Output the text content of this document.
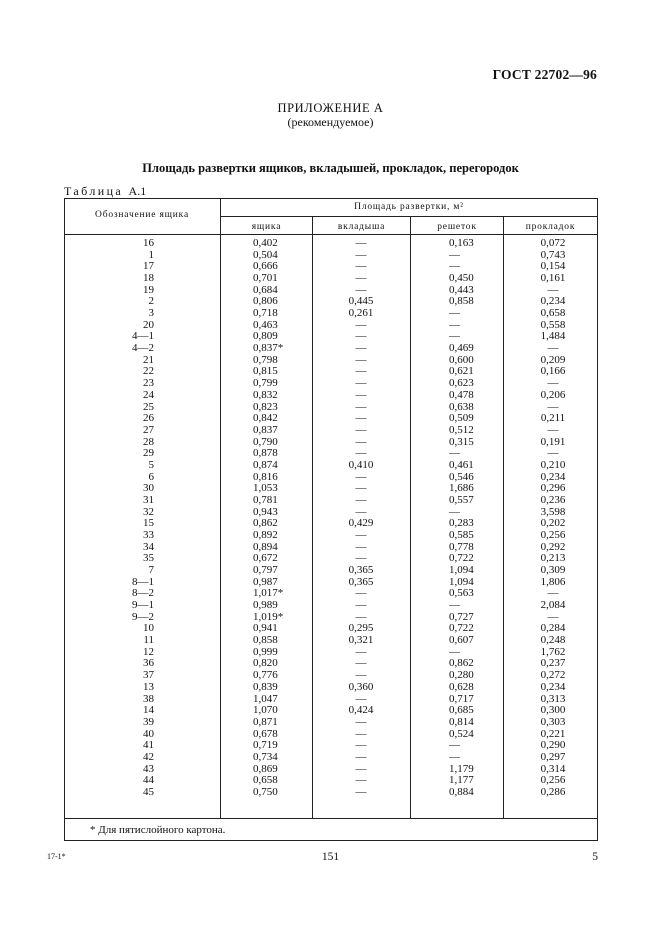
ГОСТ 22702—96
ПРИЛОЖЕНИЕ А
(рекомендуемое)
Площадь развертки ящиков, вкладышей, прокладок, перегородок
Таблица А.1
Обозначение ящика
Площадь развертки, м²
ящика	вкладыша	решеток	прокладок
16	0,402	—	0,163	0,072
1	0,504	—	—	0,743
17	0,666	—	—	0,154
18	0,701	—	0,450	0,161
19	0,684	—	0,443	—
2	0,806	0,445	0,858	0,234
3	0,718	0,261	—	0,658
20	0,463	—	—	0,558
4—1	0,809	—	—	1,484
4—2	0,837*	—	0,469	—
21	0,798	—	0,600	0,209
22	0,815	—	0,621	0,166
23	0,799	—	0,623	—
24	0,832	—	0,478	0,206
25	0,823	—	0,638	—
26	0,842	—	0,509	0,211
27	0,837	—	0,512	—
28	0,790	—	0,315	0,191
29	0,878	—	—	—
5	0,874	0,410	0,461	0,210
6	0,816	—	0,546	0,234
30	1,053	—	1,686	0,296
31	0,781	—	0,557	0,236
32	0,943	—	—	3,598
15	0,862	0,429	0,283	0,202
33	0,892	—	0,585	0,256
34	0,894	—	0,778	0,292
35	0,672	—	0,722	0,213
7	0,797	0,365	1,094	0,309
8—1	0,987	0,365	1,094	1,806
8—2	1,017*	—	0,563	—
9—1	0,989	—	—	2,084
9—2	1,019*	—	0,727	—
10	0,941	0,295	0,722	0,284
11	0,858	0,321	0,607	0,248
12	0,999	—	—	1,762
36	0,820	—	0,862	0,237
37	0,776	—	0,280	0,272
13	0,839	0,360	0,628	0,234
38	1,047	—	0,717	0,313
14	1,070	0,424	0,685	0,300
39	0,871	—	0,814	0,303
40	0,678	—	0,524	0,221
41	0,719	—	—	0,290
42	0,734	—	—	0,297
43	0,869	—	1,179	0,314
44	0,658	—	1,177	0,256
45	0,750	—	0,884	0,286
* Для пятислойного картона.
17-1*	151	5
